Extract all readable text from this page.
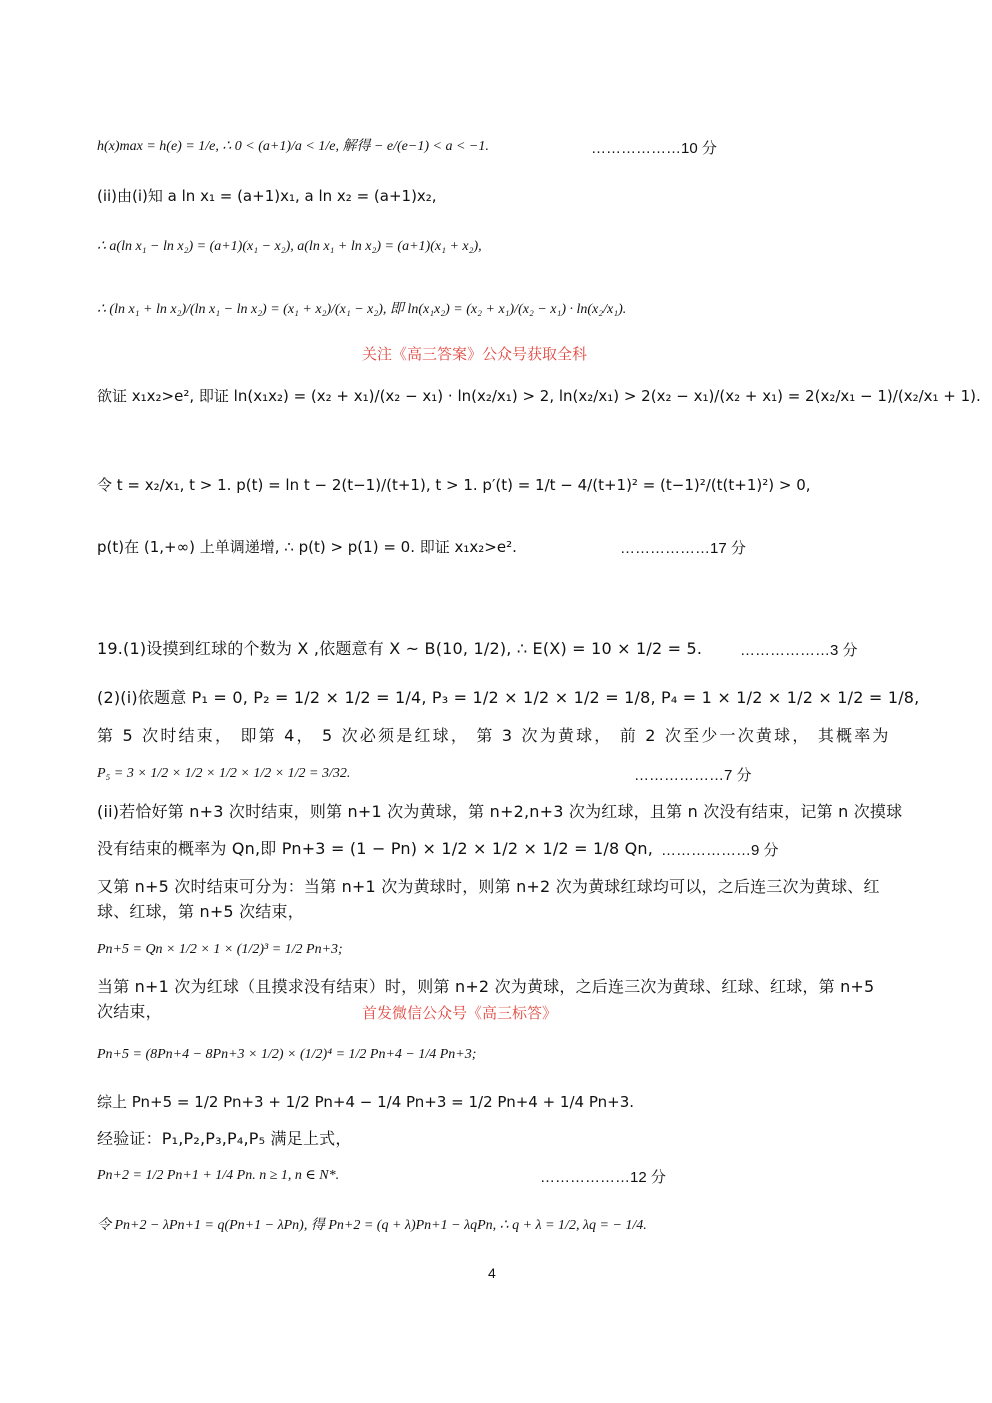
h(x)max = h(e) = 1/e, ∴ 0 < (a+1)/a < 1/e, 解得 − e/(e−1) < a < −1.	………………10 分
(ii)由(i)知 a ln x₁ = (a+1)x₁, a ln x₂ = (a+1)x₂,
∴ a(ln x₁ − ln x₂) = (a+1)(x₁ − x₂), a(ln x₁ + ln x₂) = (a+1)(x₁ + x₂),
∴ (ln x₁ + ln x₂)/(ln x₁ − ln x₂) = (x₁ + x₂)/(x₁ − x₂), 即 ln(x₁x₂) = (x₂ + x₁)/(x₂ − x₁) · ln(x₂/x₁).
关注《高三答案》公众号获取全科
欲证 x₁x₂>e², 即证 ln(x₁x₂) = (x₂ + x₁)/(x₂ − x₁) · ln(x₂/x₁) > 2, ln(x₂/x₁) > 2(x₂ − x₁)/(x₂ + x₁) = 2(x₂/x₁ − 1)/(x₂/x₁ + 1).
令 t = x₂/x₁, t > 1. p(t) = ln t − 2(t−1)/(t+1), t > 1. p′(t) = 1/t − 4/(t+1)² = (t−1)²/(t(t+1)²) > 0,
p(t)在 (1,+∞) 上单调递增, ∴ p(t) > p(1) = 0. 即证 x₁x₂>e².	………………17 分
19.(1)设摸到红球的个数为 X ,依题意有 X ~ B(10, 1/2), ∴ E(X) = 10 × 1/2 = 5.	………………3 分
(2)(i)依题意 P₁ = 0, P₂ = 1/2 × 1/2 = 1/4, P₃ = 1/2 × 1/2 × 1/2 = 1/8, P₄ = 1 × 1/2 × 1/2 × 1/2 = 1/8,
第 5 次时结束， 即第 4， 5 次必须是红球， 第 3 次为黄球， 前 2 次至少一次黄球， 其概率为
P₅ = 3 × 1/2 × 1/2 × 1/2 × 1/2 × 1/2 = 3/32.	………………7 分
(ii)若恰好第 n+3 次时结束，则第 n+1 次为黄球，第 n+2,n+3 次为红球，且第 n 次没有结束，记第 n 次摸球
没有结束的概率为 Qn,即 Pn+3 = (1 − Pn) × 1/2 × 1/2 × 1/2 = 1/8 Qn, ………………9 分
又第 n+5 次时结束可分为：当第 n+1 次为黄球时，则第 n+2 次为黄球红球均可以，之后连三次为黄球、红
球、红球，第 n+5 次结束，
Pn+5 = Qn × 1/2 × 1 × (1/2)³ = 1/2 Pn+3;
当第 n+1 次为红球（且摸求没有结束）时，则第 n+2 次为黄球，之后连三次为黄球、红球、红球，第 n+5
次结束，	首发微信公众号《高三标答》
Pn+5 = (8Pn+4 − 8Pn+3 × 1/2) × (1/2)⁴ = 1/2 Pn+4 − 1/4 Pn+3;
综上 Pn+5 = 1/2 Pn+3 + 1/2 Pn+4 − 1/4 Pn+3 = 1/2 Pn+4 + 1/4 Pn+3.
经验证：P₁,P₂,P₃,P₄,P₅ 满足上式，
Pn+2 = 1/2 Pn+1 + 1/4 Pn. n ≥ 1, n ∈ N*.	………………12 分
令 Pn+2 − λPn+1 = q(Pn+1 − λPn), 得 Pn+2 = (q + λ)Pn+1 − λqPn, ∴ q + λ = 1/2, λq = − 1/4.
4
